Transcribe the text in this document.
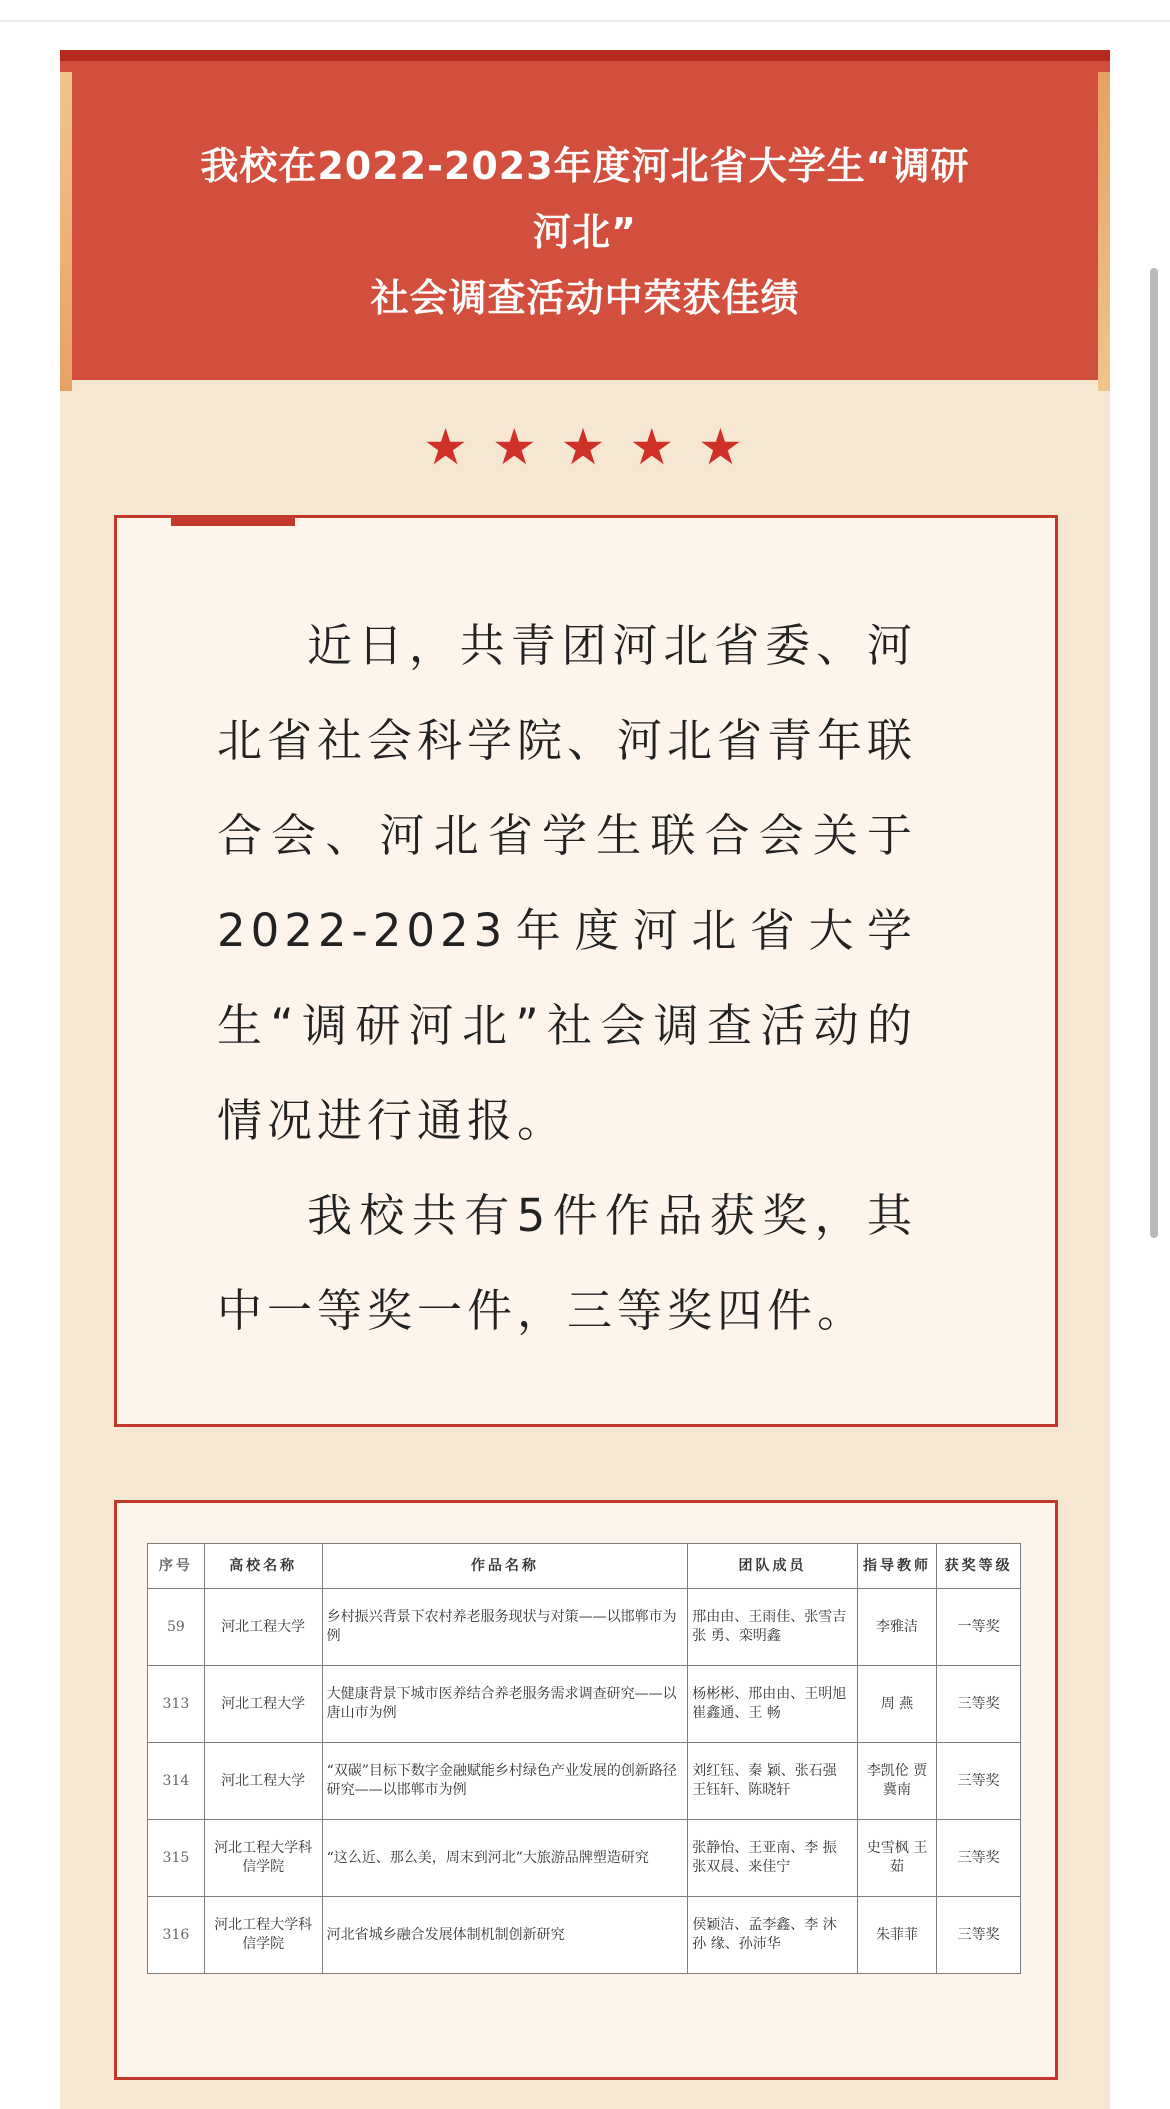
我校在2022-2023年度河北省大学生“调研
河北”
社会调查活动中荣获佳绩
★ ★ ★ ★ ★

近日，共青团河北省委、河北省社会科学院、河北省青年联合会、河北省学生联合会关于2022-2023年度河北省大学生“调研河北”社会调查活动的情况进行通报。

我校共有5件作品获奖，其中一等奖一件，三等奖四件。

序号	高校名称	作品名称	团队成员	指导教师	获奖等级
59	河北工程大学	乡村振兴背景下农村养老服务现状与对策——以邯郸市为例	邢由由、王雨佳、张雪吉 张 勇、栾明鑫	李雅洁	一等奖
313	河北工程大学	大健康背景下城市医养结合养老服务需求调查研究——以唐山市为例	杨彬彬、邢由由、王明旭 崔鑫通、王 畅	周 燕	三等奖
314	河北工程大学	“双碳”目标下数字金融赋能乡村绿色产业发展的创新路径研究——以邯郸市为例	刘红钰、秦 颖、张石强 王钰轩、陈晓轩	李凯伦 贾冀南	三等奖
315	河北工程大学科信学院	“这么近、那么美，周末到河北”大旅游品牌塑造研究	张静怡、王亚南、李 振 张双晨、来佳宁	史雪枫 王 茹	三等奖
316	河北工程大学科信学院	河北省城乡融合发展体制机制创新研究	侯颖洁、孟李鑫、李 沐 孙 缘、孙沛华	朱菲菲	三等奖
